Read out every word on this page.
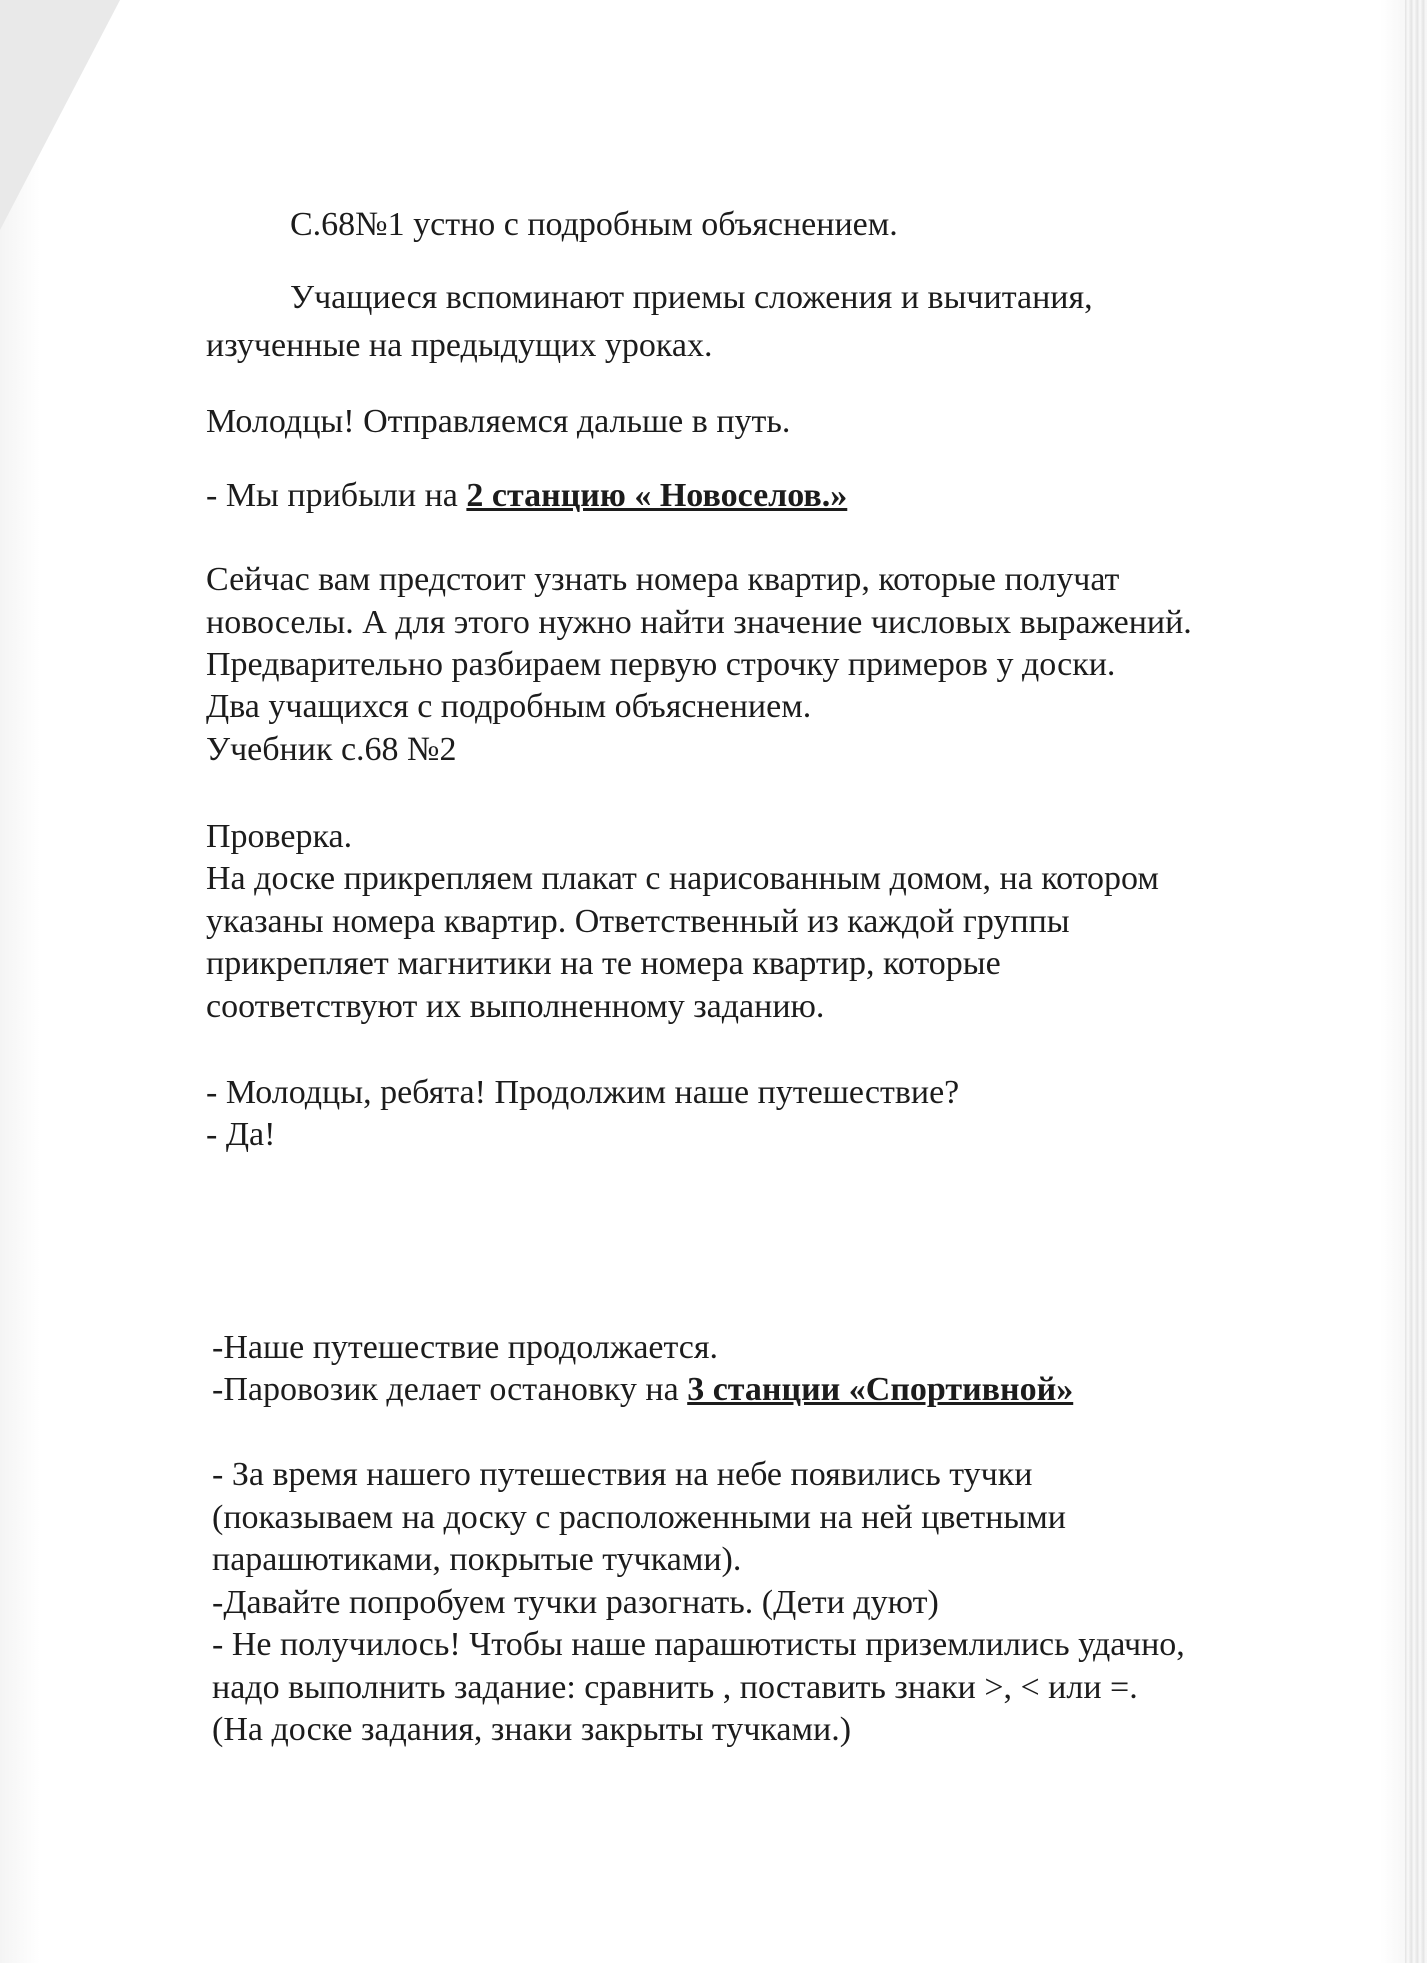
С.68№1 устно с подробным объяснением.
Учащиеся вспоминают приемы сложения и вычитания,
изученные на предыдущих уроках.
Молодцы! Отправляемся дальше в путь.
- Мы прибыли на 2 станцию « Новоселов.»
Сейчас вам предстоит узнать номера квартир, которые получат
новоселы. А для этого нужно найти значение числовых выражений.
Предварительно разбираем первую строчку примеров у доски.
Два учащихся с подробным объяснением.
Учебник с.68 №2
Проверка.
На доске прикрепляем плакат с нарисованным домом, на котором
указаны номера квартир. Ответственный из каждой группы
прикрепляет магнитики на те номера квартир, которые
соответствуют их выполненному заданию.
- Молодцы, ребята! Продолжим наше путешествие?
- Да!
-Наше путешествие продолжается.
-Паровозик делает остановку на 3 станции «Спортивной»
- За время нашего путешествия на небе появились тучки
(показываем на доску с расположенными на ней цветными
парашютиками, покрытые тучками).
-Давайте попробуем тучки разогнать. (Дети дуют)
- Не получилось! Чтобы наше парашютисты приземлились удачно,
надо выполнить задание: сравнить , поставить знаки >, < или =.
(На доске задания, знаки закрыты тучками.)
